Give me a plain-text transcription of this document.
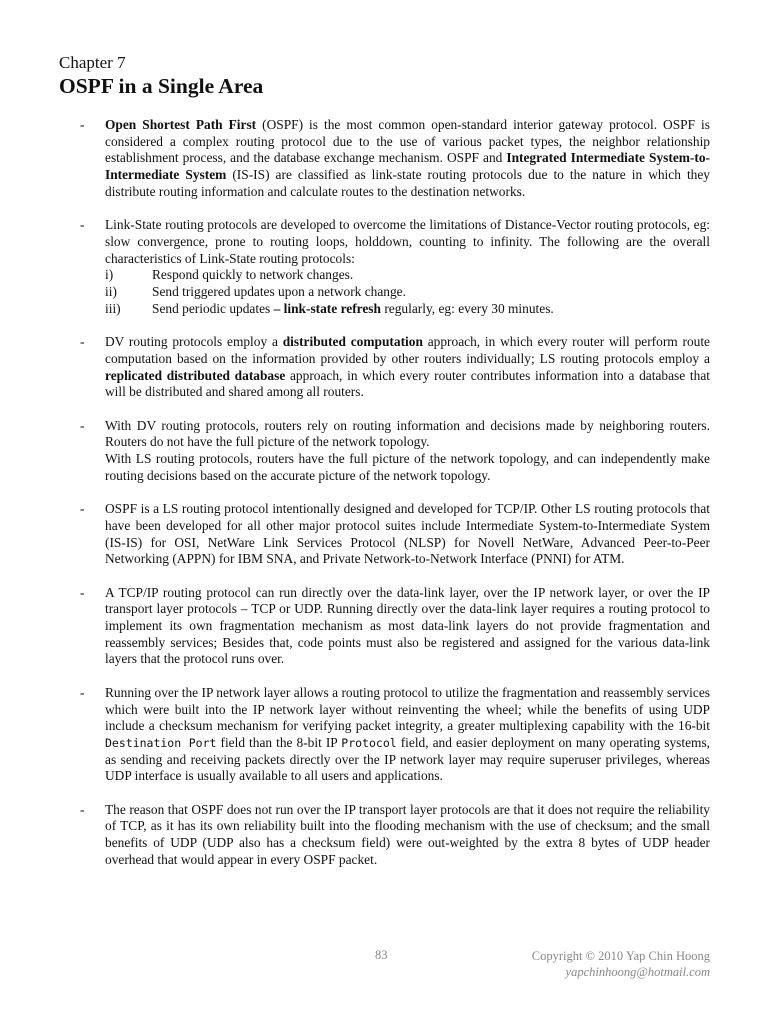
Chapter 7
OSPF in a Single Area
- Open Shortest Path First (OSPF) is the most common open-standard interior gateway protocol. OSPF is considered a complex routing protocol due to the use of various packet types, the neighbor relationship establishment process, and the database exchange mechanism. OSPF and Integrated Intermediate System-to-Intermediate System (IS-IS) are classified as link-state routing protocols due to the nature in which they distribute routing information and calculate routes to the destination networks.

- Link-State routing protocols are developed to overcome the limitations of Distance-Vector routing protocols, eg: slow convergence, prone to routing loops, holddown, counting to infinity. The following are the overall characteristics of Link-State routing protocols:

i)	Respond quickly to network changes.
ii)	Send triggered updates upon a network change.
iii)	Send periodic updates – link-state refresh regularly, eg: every 30 minutes.
- DV routing protocols employ a distributed computation approach, in which every router will perform route computation based on the information provided by other routers individually; LS routing protocols employ a replicated distributed database approach, in which every router contributes information into a database that will be distributed and shared among all routers.

- With DV routing protocols, routers rely on routing information and decisions made by neighboring routers. Routers do not have the full picture of the network topology.

With LS routing protocols, routers have the full picture of the network topology, and can independently make routing decisions based on the accurate picture of the network topology.

- OSPF is a LS routing protocol intentionally designed and developed for TCP/IP. Other LS routing protocols that have been developed for all other major protocol suites include Intermediate System-to-Intermediate System (IS-IS) for OSI, NetWare Link Services Protocol (NLSP) for Novell NetWare, Advanced Peer-to-Peer Networking (APPN) for IBM SNA, and Private Network-to-Network Interface (PNNI) for ATM.

- A TCP/IP routing protocol can run directly over the data-link layer, over the IP network layer, or over the IP transport layer protocols – TCP or UDP. Running directly over the data-link layer requires a routing protocol to implement its own fragmentation mechanism as most data-link layers do not provide fragmentation and reassembly services; Besides that, code points must also be registered and assigned for the various data-link layers that the protocol runs over.

- Running over the IP network layer allows a routing protocol to utilize the fragmentation and reassembly services which were built into the IP network layer without reinventing the wheel; while the benefits of using UDP include a checksum mechanism for verifying packet integrity, a greater multiplexing capability with the 16-bit Destination Port field than the 8-bit IP Protocol field, and easier deployment on many operating systems, as sending and receiving packets directly over the IP network layer may require superuser privileges, whereas UDP interface is usually available to all users and applications.

- The reason that OSPF does not run over the IP transport layer protocols are that it does not require the reliability of TCP, as it has its own reliability built into the flooding mechanism with the use of checksum; and the small benefits of UDP (UDP also has a checksum field) were out-weighted by the extra 8 bytes of UDP header overhead that would appear in every OSPF packet.

83	Copyright © 2010 Yap Chin Hoong
yapchinhoong@hotmail.com
